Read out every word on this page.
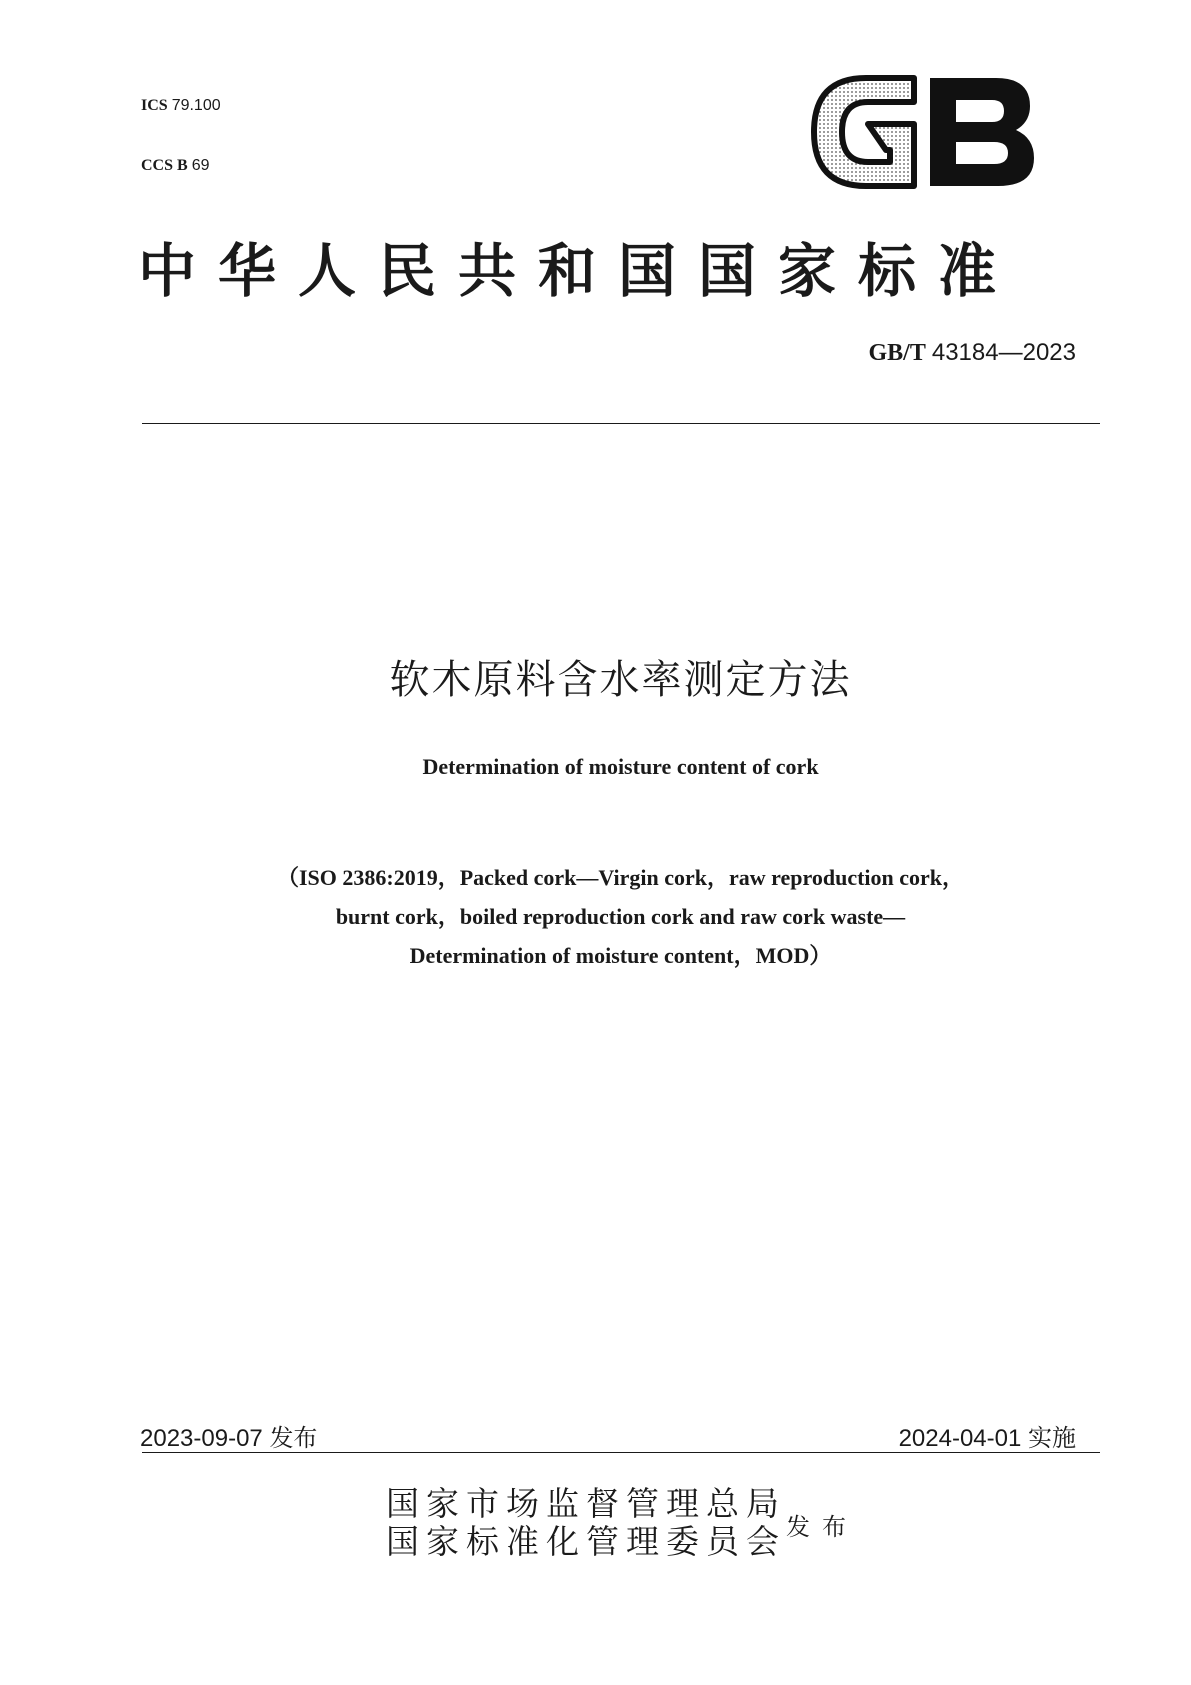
ICS 79.100

CCS B 69

中华人民共和国国家标准
GB/T 43184—2023
软木原料含水率测定方法
Determination of moisture content of cork
（ISO 2386:2019，Packed cork—Virgin cork，raw reproduction cork，
burnt cork，boiled reproduction cork and raw cork waste—
Determination of moisture content，MOD）
2023-09-07 发布	2024-04-01 实施
国家市场监督管理总局
国家标准化管理委员会 发布
